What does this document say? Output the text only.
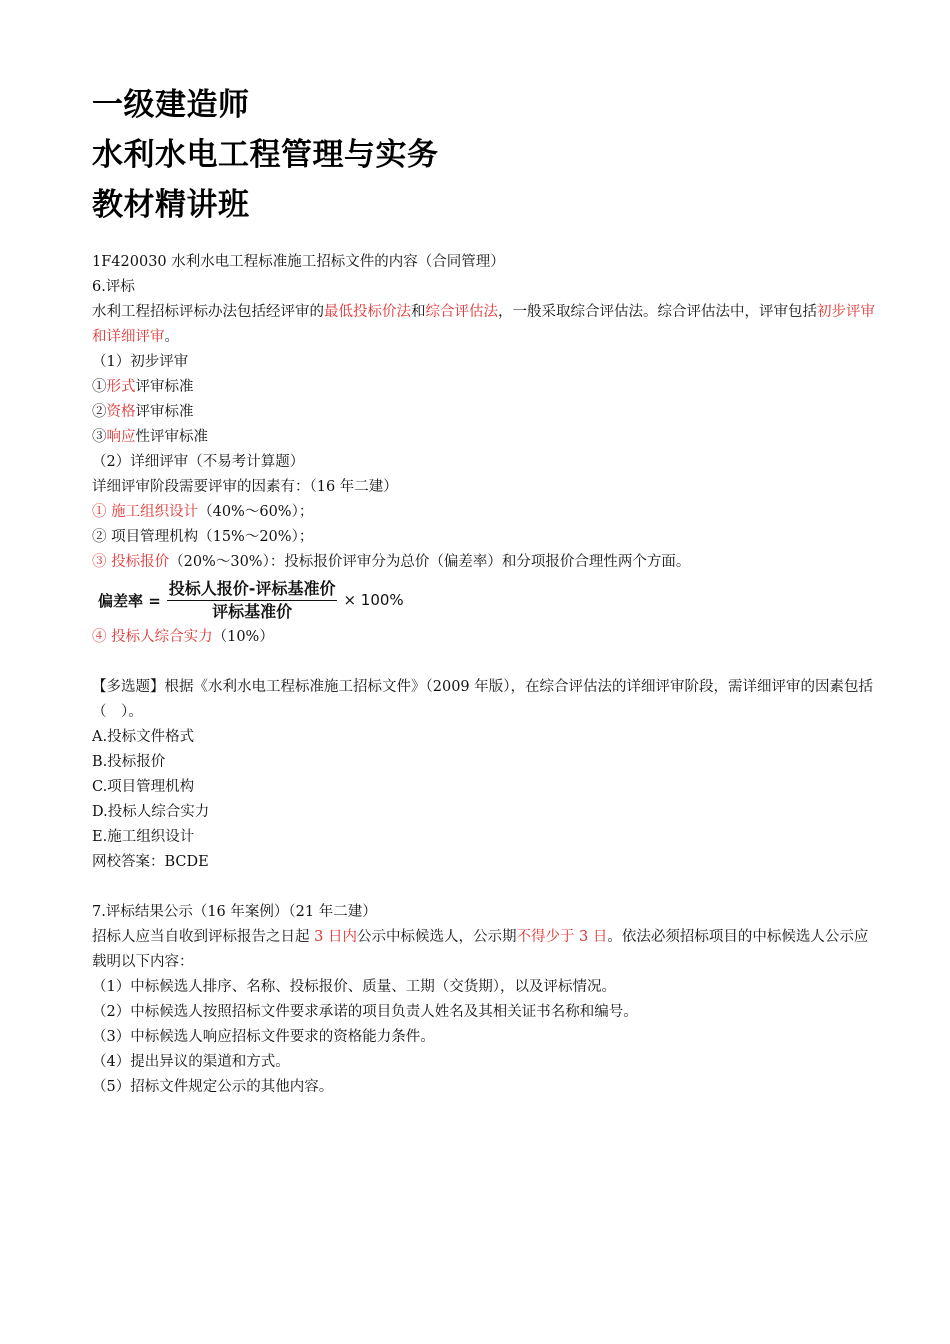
一级建造师
水利水电工程管理与实务
教材精讲班
1F420030 水利水电工程标准施工招标文件的内容（合同管理）
6.评标
水利工程招标评标办法包括经评审的最低投标价法和综合评估法，一般采取综合评估法。综合评估法中，评审包括初步评审和详细评审。
（1）初步评审
①形式评审标准
②资格评审标准
③响应性评审标准
（2）详细评审（不易考计算题）
详细评审阶段需要评审的因素有：（16 年二建）
① 施工组织设计（40%～60%）；
② 项目管理机构（15%～20%）；
③ 投标报价（20%～30%）：投标报价评审分为总价（偏差率）和分项报价合理性两个方面。
偏差率 = $\frac{\text{投标人报价-评标基准价}}{\text{评标基准价}} \times 100\%$
④ 投标人综合实力（10%）
【多选题】根据《水利水电工程标准施工招标文件》（2009 年版），在综合评估法的详细评审阶段，需详细评审的因素包括（　）。
A.投标文件格式
B.投标报价
C.项目管理机构
D.投标人综合实力
E.施工组织设计
网校答案：BCDE
7.评标结果公示（16 年案例）（21 年二建）
招标人应当自收到评标报告之日起 3 日内公示中标候选人，公示期不得少于 3 日。依法必须招标项目的中标候选人公示应载明以下内容：
（1）中标候选人排序、名称、投标报价、质量、工期（交货期），以及评标情况。
（2）中标候选人按照招标文件要求承诺的项目负责人姓名及其相关证书名称和编号。
（3）中标候选人响应招标文件要求的资格能力条件。
（4）提出异议的渠道和方式。
（5）招标文件规定公示的其他内容。
